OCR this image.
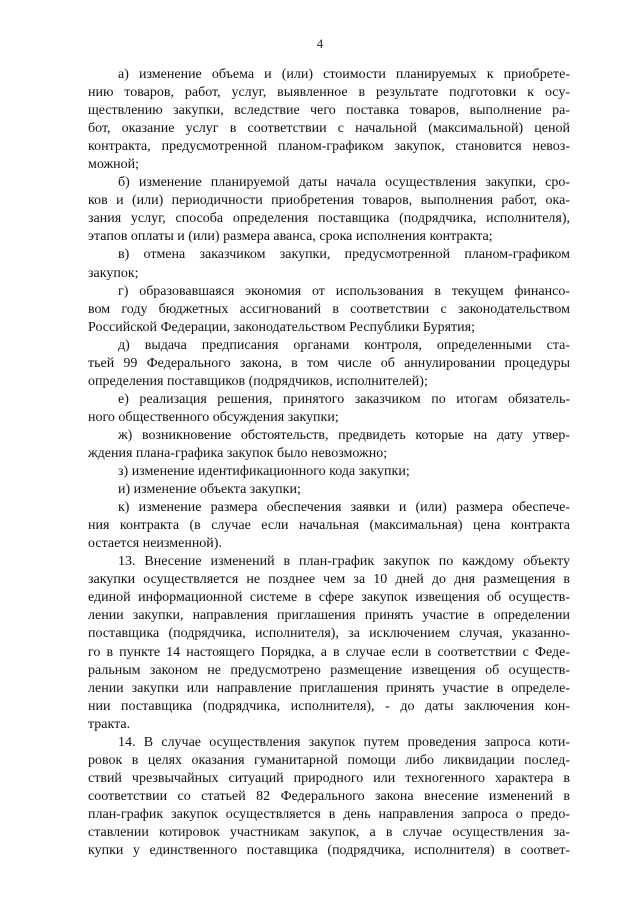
4
а) изменение объема и (или) стоимости планируемых к приобрете-
нию товаров, работ, услуг, выявленное в результате подготовки к осу-
ществлению закупки, вследствие чего поставка товаров, выполнение ра-
бот, оказание услуг в соответствии с начальной (максимальной) ценой
контракта, предусмотренной планом-графиком закупок, становится невоз-
можной;
б) изменение планируемой даты начала осуществления закупки, сро-
ков и (или) периодичности приобретения товаров, выполнения работ, ока-
зания услуг, способа определения поставщика (подрядчика, исполнителя),
этапов оплаты и (или) размера аванса, срока исполнения контракта;
в) отмена заказчиком закупки, предусмотренной планом-графиком
закупок;
г) образовавшаяся экономия от использования в текущем финансо-
вом году бюджетных ассигнований в соответствии с законодательством
Российской Федерации, законодательством Республики Бурятия;
д) выдача предписания органами контроля, определенными ста-
тьей 99 Федерального закона, в том числе об аннулировании процедуры
определения поставщиков (подрядчиков, исполнителей);
е) реализация решения, принятого заказчиком по итогам обязатель-
ного общественного обсуждения закупки;
ж) возникновение обстоятельств, предвидеть которые на дату утвер-
ждения плана-графика закупок было невозможно;
з) изменение идентификационного кода закупки;
и) изменение объекта закупки;
к) изменение размера обеспечения заявки и (или) размера обеспече-
ния контракта (в случае если начальная (максимальная) цена контракта
остается неизменной).
13. Внесение изменений в план-график закупок по каждому объекту
закупки осуществляется не позднее чем за 10 дней до дня размещения в
единой информационной системе в сфере закупок извещения об осуществ-
лении закупки, направления приглашения принять участие в определении
поставщика (подрядчика, исполнителя), за исключением случая, указанно-
го в пункте 14 настоящего Порядка, а в случае если в соответствии с Феде-
ральным законом не предусмотрено размещение извещения об осуществ-
лении закупки или направление приглашения принять участие в определе-
нии поставщика (подрядчика, исполнителя), - до даты заключения кон-
тракта.
14. В случае осуществления закупок путем проведения запроса коти-
ровок в целях оказания гуманитарной помощи либо ликвидации послед-
ствий чрезвычайных ситуаций природного или техногенного характера в
соответствии со статьей 82 Федерального закона внесение изменений в
план-график закупок осуществляется в день направления запроса о предо-
ставлении котировок участникам закупок, а в случае осуществления за-
купки у единственного поставщика (подрядчика, исполнителя) в соответ-
